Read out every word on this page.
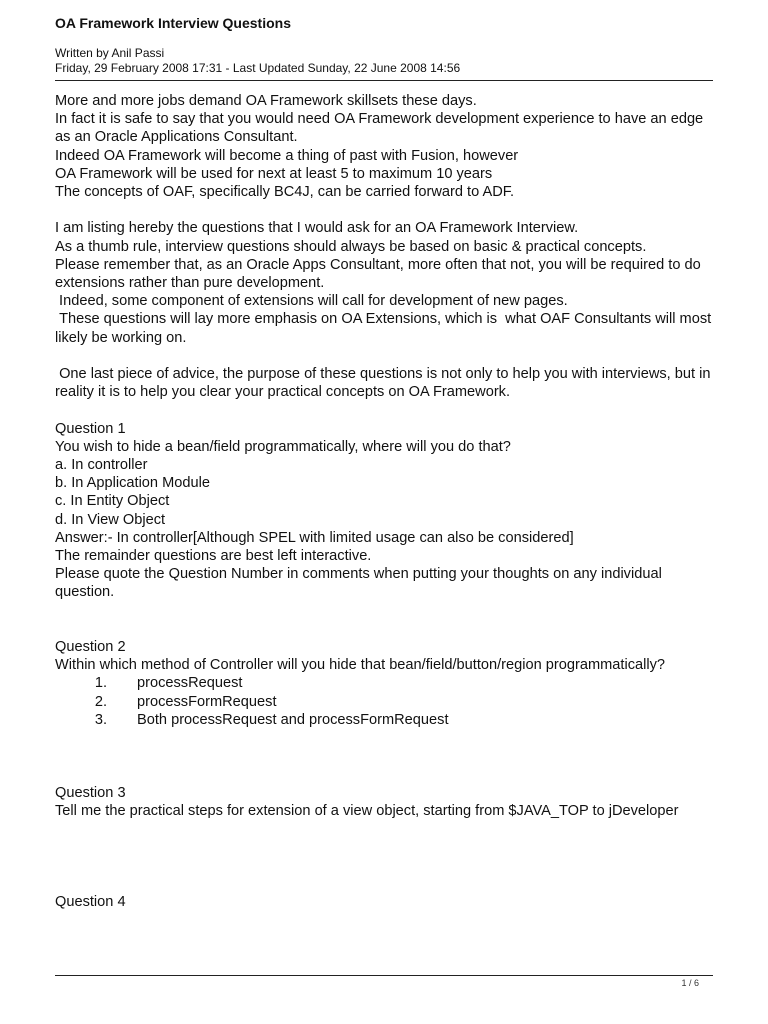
OA Framework Interview Questions
Written by Anil Passi
Friday, 29 February 2008 17:31 - Last Updated Sunday, 22 June 2008 14:56

More and more jobs demand OA Framework skillsets these days.

In fact it is safe to say that you would need OA Framework development experience to have an edge as an Oracle Applications Consultant.

Indeed OA Framework will become a thing of past with Fusion, however

OA Framework will be used for next at least 5 to maximum 10 years

The concepts of OAF, specifically BC4J, can be carried forward to ADF.

I am listing hereby the questions that I would ask for an OA Framework Interview.

As a thumb rule, interview questions should always be based on basic & practical concepts.

Please remember that, as an Oracle Apps Consultant, more often that not, you will be required to do extensions rather than pure development.

Indeed, some component of extensions will call for development of new pages.

These questions will lay more emphasis on OA Extensions, which is  what OAF Consultants will most likely be working on.

One last piece of advice, the purpose of these questions is not only to help you with interviews, but in reality it is to help you clear your practical concepts on OA Framework.

Question 1

You wish to hide a bean/field programmatically, where will you do that?

a. In controller

b. In Application Module

c. In Entity Object

d. In View Object

Answer:- In controller[Although SPEL with limited usage can also be considered]

The remainder questions are best left interactive.

Please quote the Question Number in comments when putting your thoughts on any individual question.

Question 2

Within which method of Controller will you hide that bean/field/button/region programmatically?

1.	processRequest
2.	processFormRequest
3.	Both processRequest and processFormRequest

Question 3

Tell me the practical steps for extension of a view object, starting from $JAVA_TOP to jDeveloper

Question 4

1 / 6
